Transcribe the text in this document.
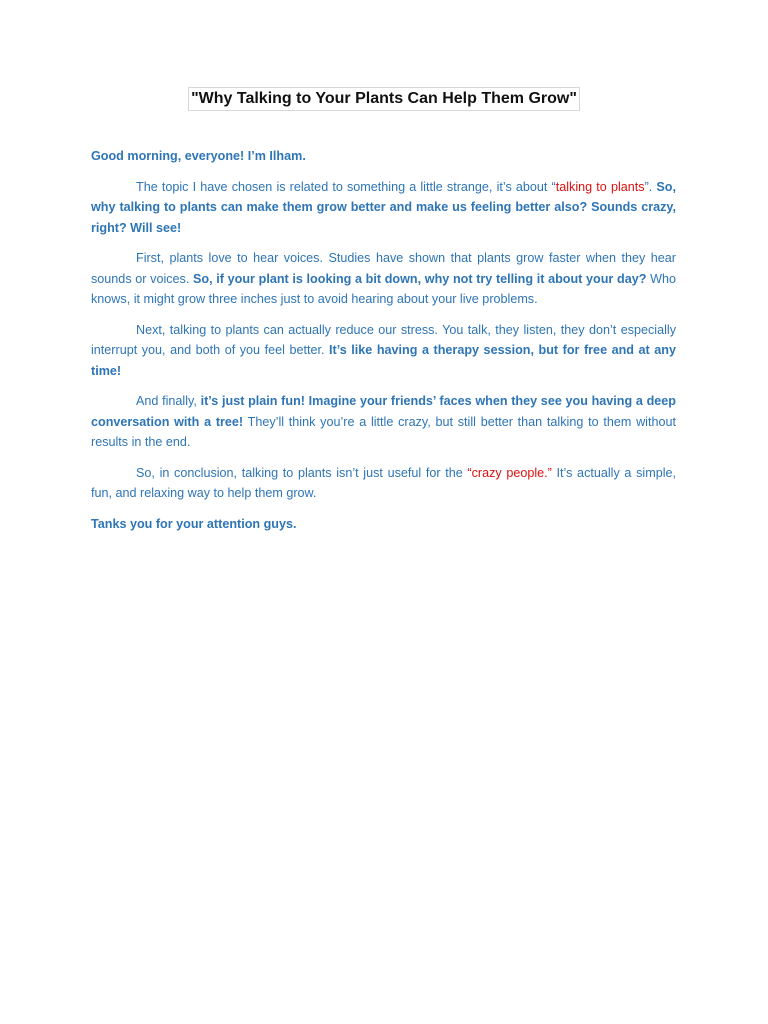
"Why Talking to Your Plants Can Help Them Grow"

Good morning, everyone! I’m Ilham.

The topic I have chosen is related to something a little strange, it’s about “talking to plants”. So, why talking to plants can make them grow better and make us feeling better also? Sounds crazy, right? Will see!

First, plants love to hear voices. Studies have shown that plants grow faster when they hear sounds or voices. So, if your plant is looking a bit down, why not try telling it about your day? Who knows, it might grow three inches just to avoid hearing about your live problems.

Next, talking to plants can actually reduce our stress. You talk, they listen, they don’t especially interrupt you, and both of you feel better. It’s like having a therapy session, but for free and at any time!

And finally, it’s just plain fun! Imagine your friends’ faces when they see you having a deep conversation with a tree! They’ll think you’re a little crazy, but still better than talking to them without results in the end.

So, in conclusion, talking to plants isn’t just useful for the “crazy people.” It’s actually a simple, fun, and relaxing way to help them grow.

Tanks you for your attention guys.
